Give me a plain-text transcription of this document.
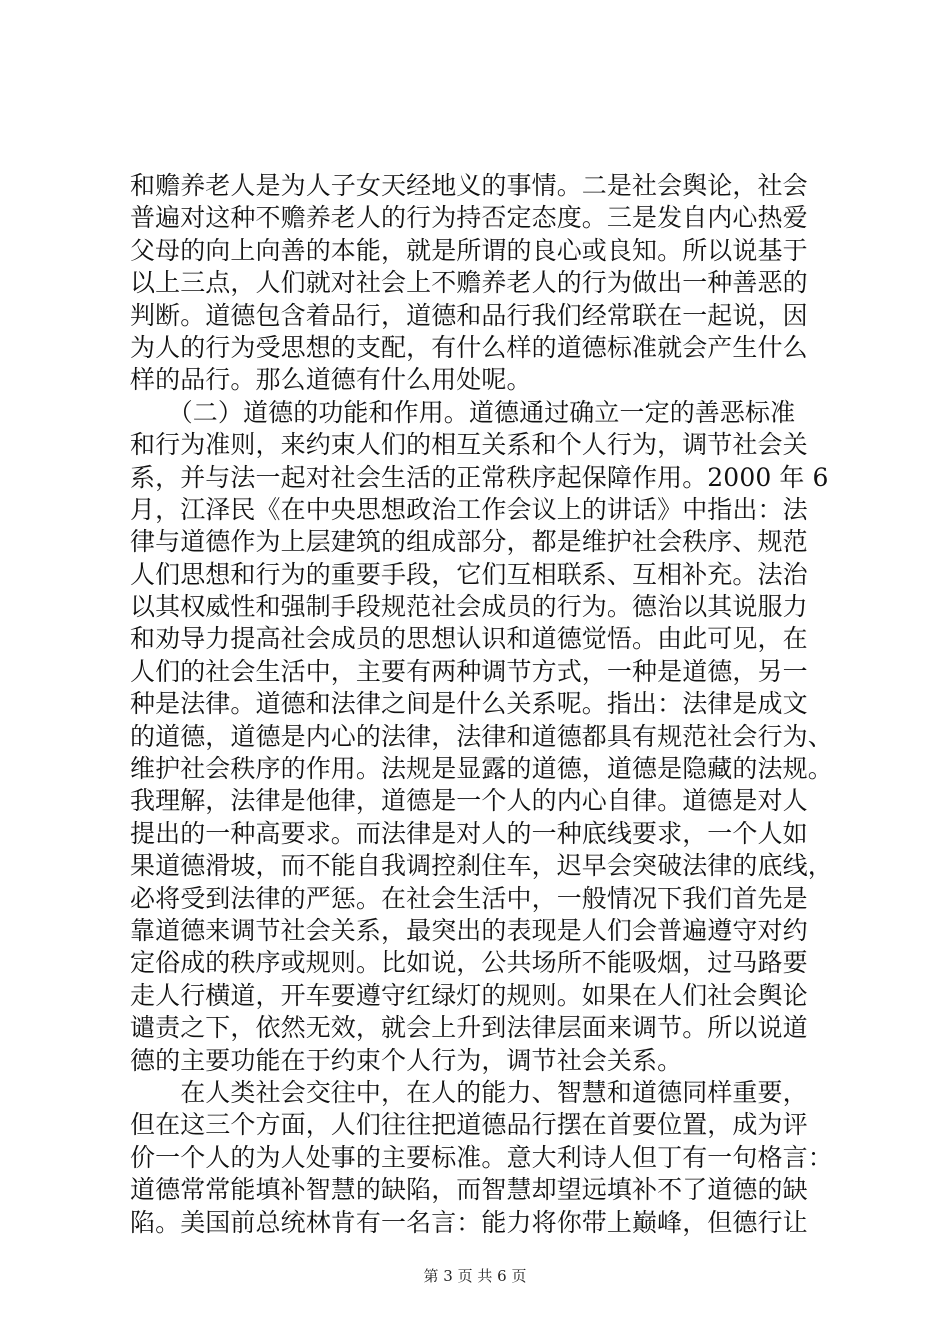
和赡养老人是为人子女天经地义的事情。二是社会舆论，社会
普遍对这种不赡养老人的行为持否定态度。三是发自内心热爱
父母的向上向善的本能，就是所谓的良心或良知。所以说基于
以上三点，人们就对社会上不赡养老人的行为做出一种善恶的
判断。道德包含着品行，道德和品行我们经常联在一起说，因
为人的行为受思想的支配，有什么样的道德标准就会产生什么
样的品行。那么道德有什么用处呢。
　　（二）道德的功能和作用。道德通过确立一定的善恶标准
和行为准则，来约束人们的相互关系和个人行为，调节社会关
系，并与法一起对社会生活的正常秩序起保障作用。2000 年 6
月，江泽民《在中央思想政治工作会议上的讲话》中指出：法
律与道德作为上层建筑的组成部分，都是维护社会秩序、规范
人们思想和行为的重要手段，它们互相联系、互相补充。法治
以其权威性和强制手段规范社会成员的行为。德治以其说服力
和劝导力提高社会成员的思想认识和道德觉悟。由此可见，在
人们的社会生活中，主要有两种调节方式，一种是道德，另一
种是法律。道德和法律之间是什么关系呢。指出：法律是成文
的道德，道德是内心的法律，法律和道德都具有规范社会行为、
维护社会秩序的作用。法规是显露的道德，道德是隐藏的法规。
我理解，法律是他律，道德是一个人的内心自律。道德是对人
提出的一种高要求。而法律是对人的一种底线要求，一个人如
果道德滑坡，而不能自我调控刹住车，迟早会突破法律的底线，
必将受到法律的严惩。在社会生活中，一般情况下我们首先是
靠道德来调节社会关系，最突出的表现是人们会普遍遵守对约
定俗成的秩序或规则。比如说，公共场所不能吸烟，过马路要
走人行横道，开车要遵守红绿灯的规则。如果在人们社会舆论
谴责之下，依然无效，就会上升到法律层面来调节。所以说道
德的主要功能在于约束个人行为，调节社会关系。
　　在人类社会交往中，在人的能力、智慧和道德同样重要，
但在这三个方面，人们往往把道德品行摆在首要位置，成为评
价一个人的为人处事的主要标准。意大利诗人但丁有一句格言：
道德常常能填补智慧的缺陷，而智慧却望远填补不了道德的缺
陷。美国前总统林肯有一名言：能力将你带上巅峰，但德行让
第 3 页 共 6 页
